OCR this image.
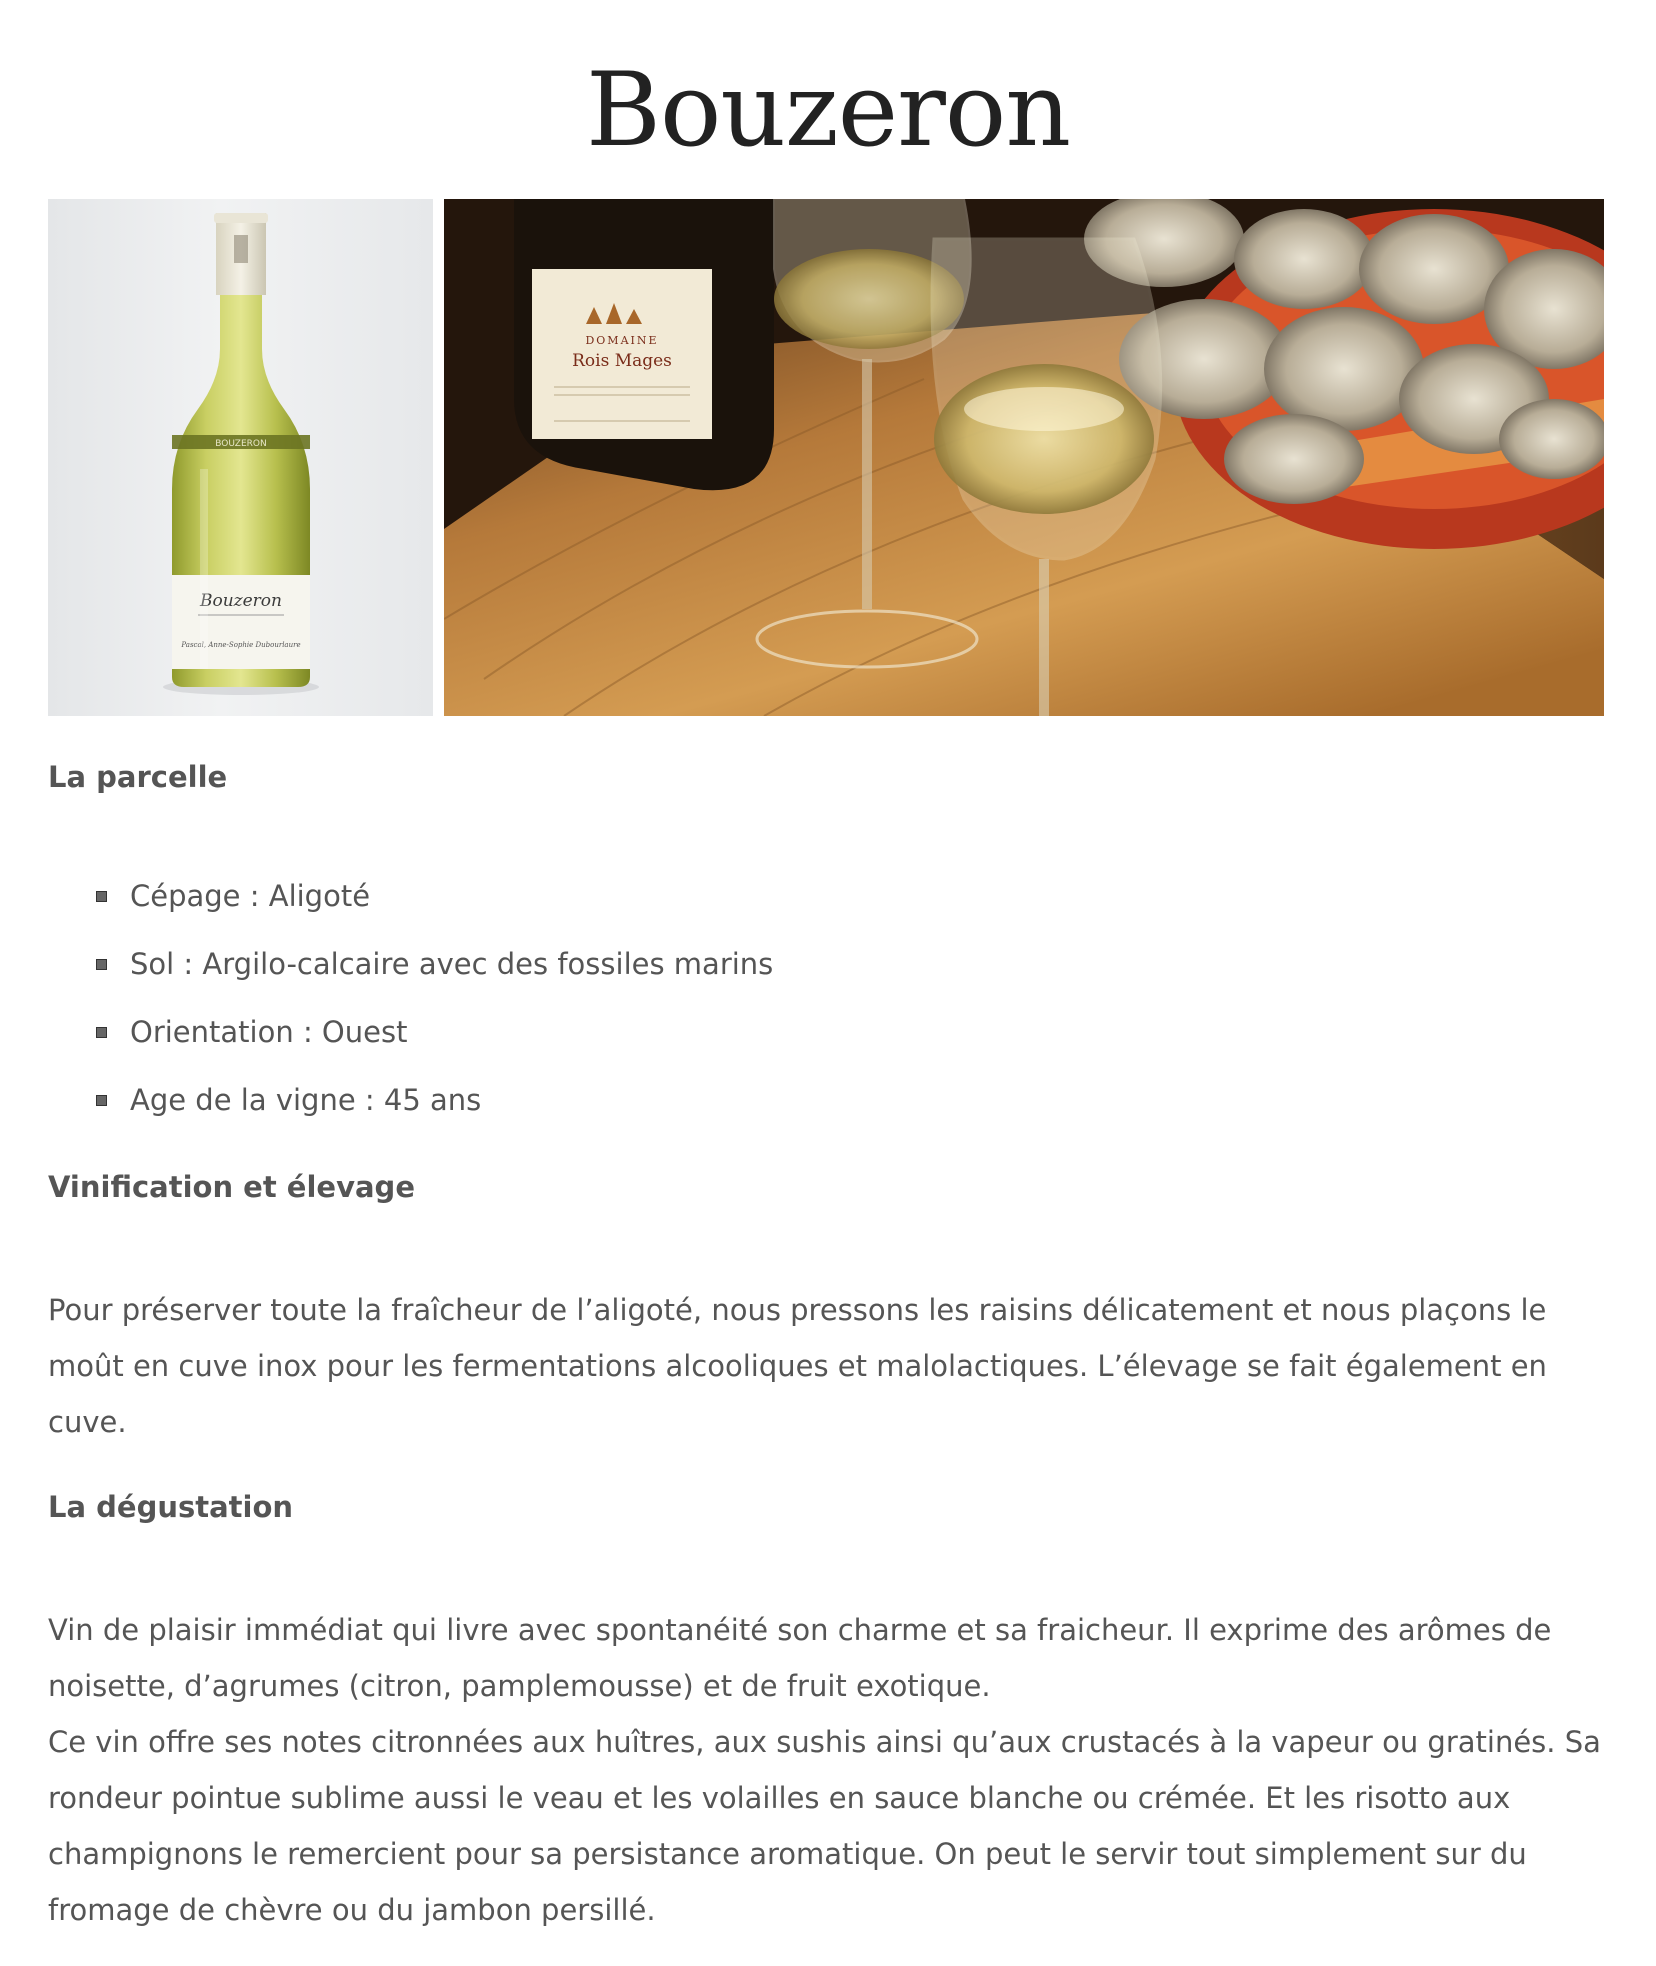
Bouzeron
BOUZERON
Bouzeron
Pascal, Anne-Sophie Dubourlaure
DOMAINE
Rois Mages
La parcelle
Cépage : Aligoté
Sol : Argilo-calcaire avec des fossiles marins
Orientation : Ouest
Age de la vigne : 45 ans
Vinification et élevage

Pour préserver toute la fraîcheur de l’aligoté, nous pressons les raisins délicatement et nous plaçons le moût en cuve inox pour les fermentations alcooliques et malolactiques. L’élevage se fait également en cuve.

La dégustation

Vin de plaisir immédiat qui livre avec spontanéité son charme et sa fraicheur. Il exprime des arômes de noisette, d’agrumes (citron, pamplemousse) et de fruit exotique.
Ce vin offre ses notes citronnées aux huîtres, aux sushis ainsi qu’aux crustacés à la vapeur ou gratinés. Sa rondeur pointue sublime aussi le veau et les volailles en sauce blanche ou crémée. Et les risotto aux champignons le remercient pour sa persistance aromatique. On peut le servir tout simplement sur du fromage de chèvre ou du jambon persillé.
